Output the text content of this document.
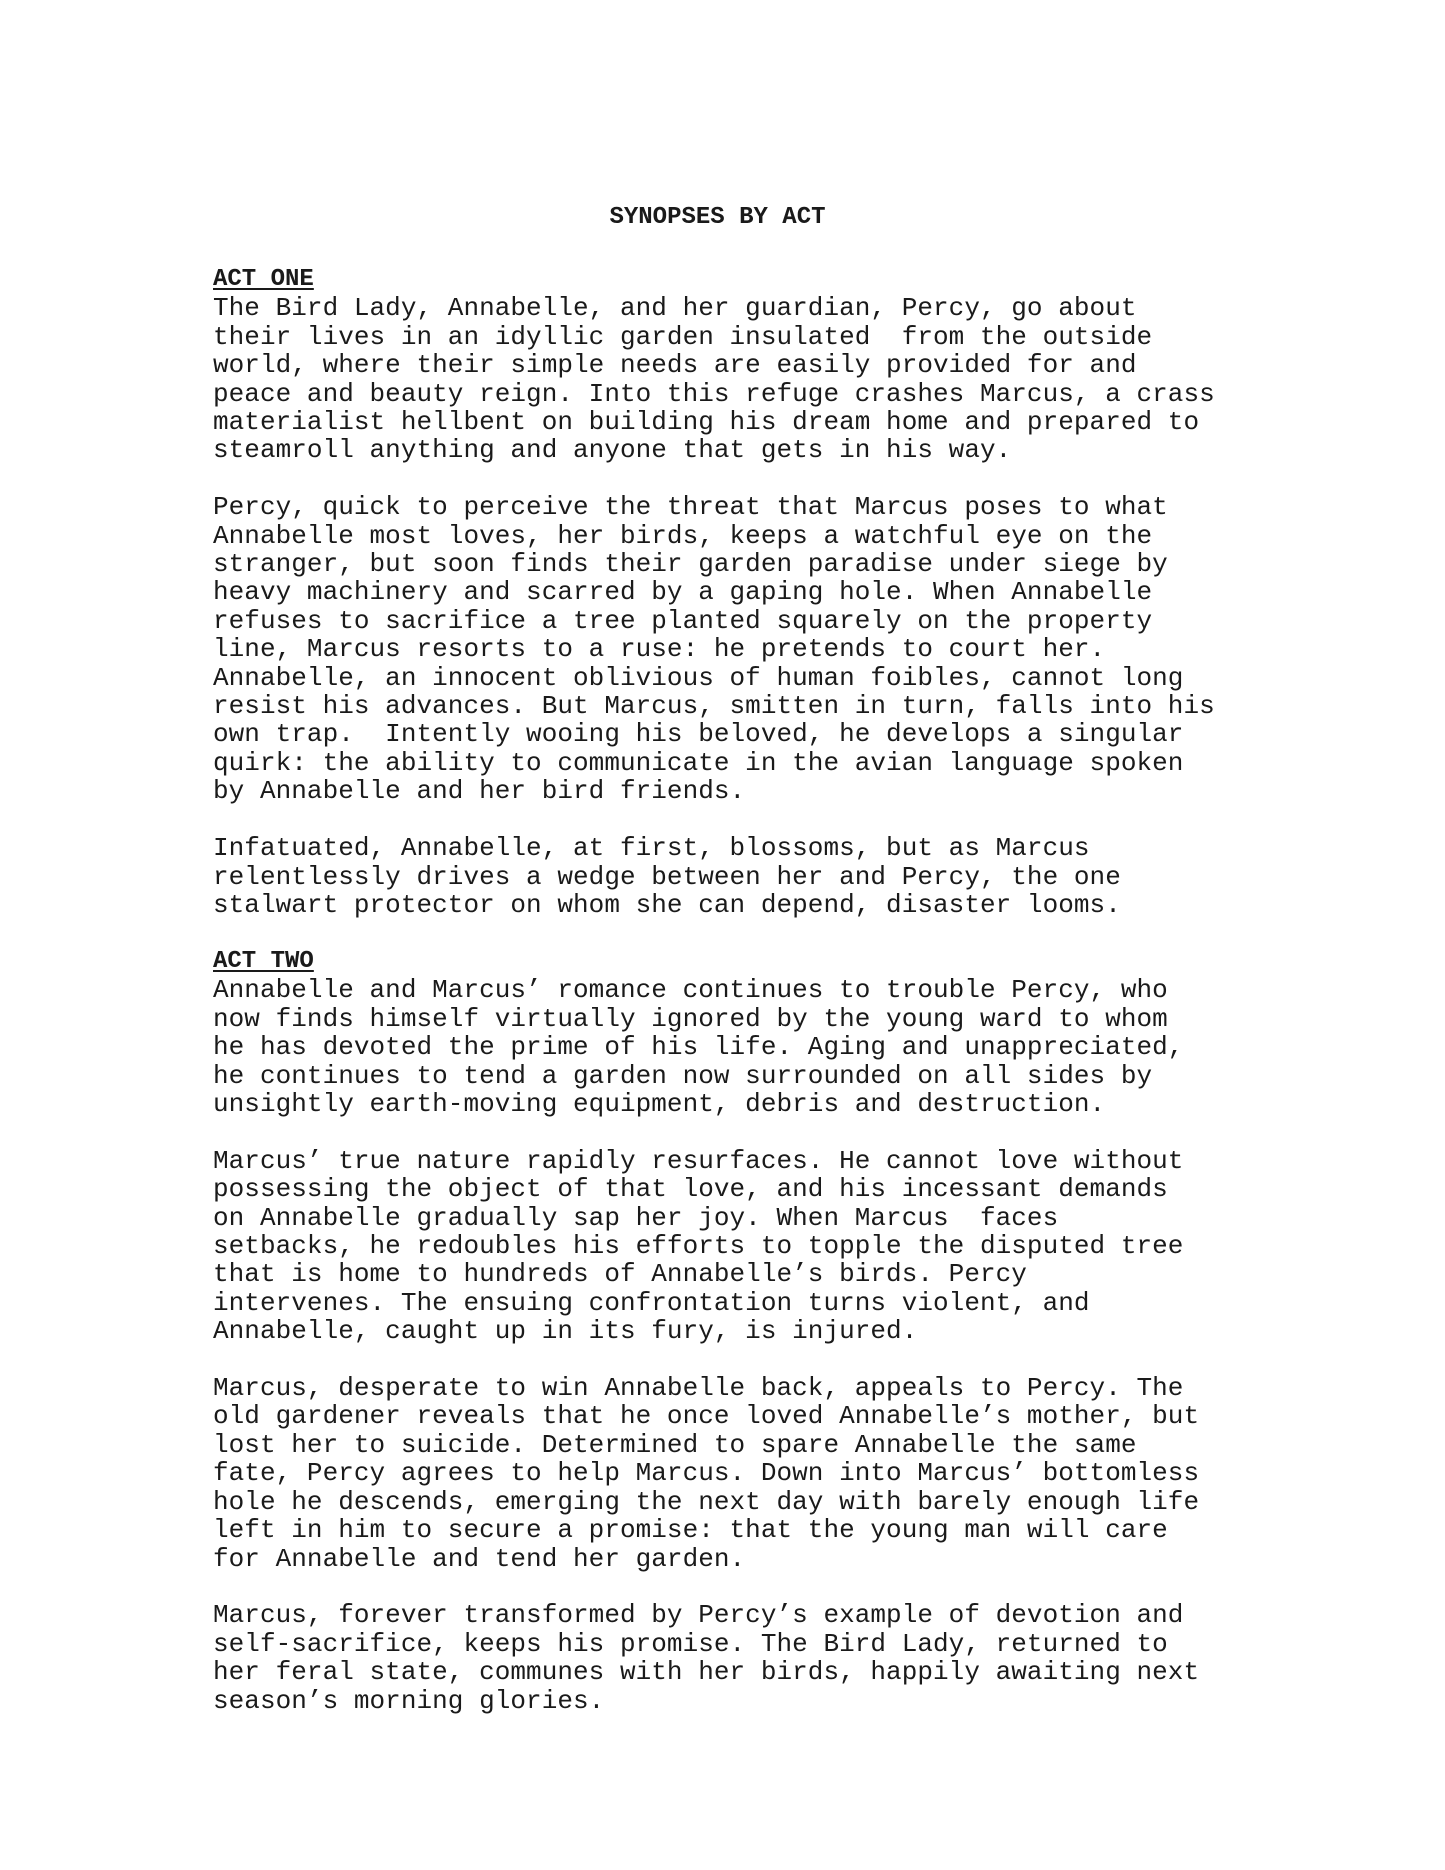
SYNOPSES BY ACT
ACT ONE
The Bird Lady, Annabelle, and her guardian, Percy, go about
their lives in an idyllic garden insulated  from the outside
world, where their simple needs are easily provided for and
peace and beauty reign. Into this refuge crashes Marcus, a crass
materialist hellbent on building his dream home and prepared to
steamroll anything and anyone that gets in his way.
Percy, quick to perceive the threat that Marcus poses to what
Annabelle most loves, her birds, keeps a watchful eye on the
stranger, but soon finds their garden paradise under siege by
heavy machinery and scarred by a gaping hole. When Annabelle
refuses to sacrifice a tree planted squarely on the property
line, Marcus resorts to a ruse: he pretends to court her.
Annabelle, an innocent oblivious of human foibles, cannot long
resist his advances. But Marcus, smitten in turn, falls into his
own trap.  Intently wooing his beloved, he develops a singular
quirk: the ability to communicate in the avian language spoken
by Annabelle and her bird friends.
Infatuated, Annabelle, at first, blossoms, but as Marcus
relentlessly drives a wedge between her and Percy, the one
stalwart protector on whom she can depend, disaster looms.
ACT TWO
Annabelle and Marcus’ romance continues to trouble Percy, who
now finds himself virtually ignored by the young ward to whom
he has devoted the prime of his life. Aging and unappreciated,
he continues to tend a garden now surrounded on all sides by
unsightly earth-moving equipment, debris and destruction.
Marcus’ true nature rapidly resurfaces. He cannot love without
possessing the object of that love, and his incessant demands
on Annabelle gradually sap her joy. When Marcus  faces
setbacks, he redoubles his efforts to topple the disputed tree
that is home to hundreds of Annabelle’s birds. Percy
intervenes. The ensuing confrontation turns violent, and
Annabelle, caught up in its fury, is injured.
Marcus, desperate to win Annabelle back, appeals to Percy. The
old gardener reveals that he once loved Annabelle’s mother, but
lost her to suicide. Determined to spare Annabelle the same
fate, Percy agrees to help Marcus. Down into Marcus’ bottomless
hole he descends, emerging the next day with barely enough life
left in him to secure a promise: that the young man will care
for Annabelle and tend her garden.
Marcus, forever transformed by Percy’s example of devotion and
self-sacrifice, keeps his promise. The Bird Lady, returned to
her feral state, communes with her birds, happily awaiting next
season’s morning glories.
